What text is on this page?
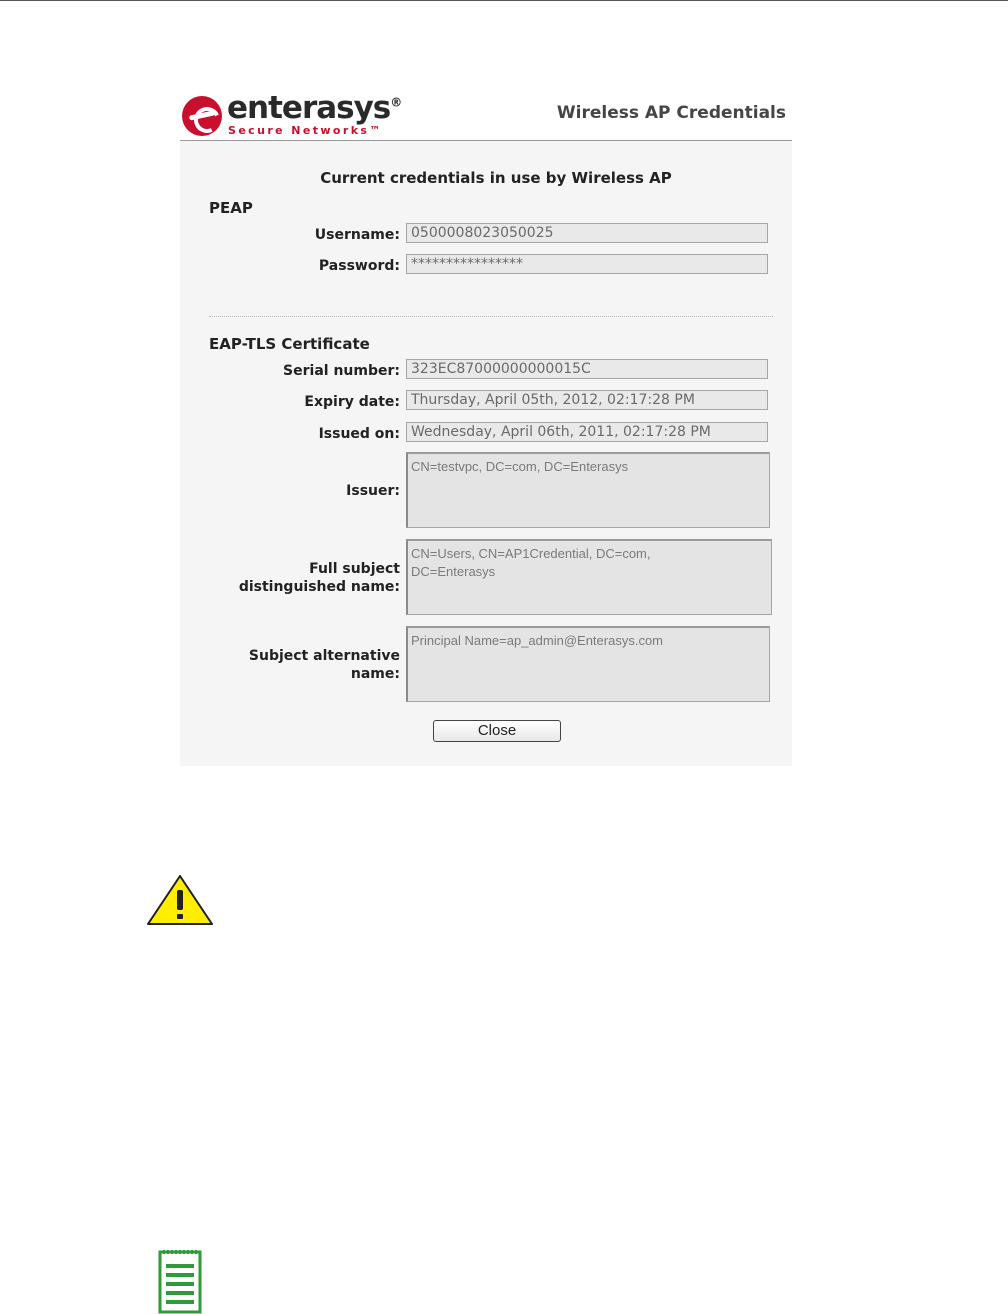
enterasys®
Secure Networks™
Wireless AP Credentials
Current credentials in use by Wireless AP
PEAP
Username: 0500008023050025
Password: ****************
EAP-TLS Certificate
Serial number: 323EC87000000000015C
Expiry date: Thursday, April 05th, 2012, 02:17:28 PM
Issued on: Wednesday, April 06th, 2011, 02:17:28 PM
Issuer:
CN=testvpc, DC=com, DC=Enterasys
Full subject
distinguished name:
CN=Users, CN=AP1Credential, DC=com, DC=Enterasys
Subject alternative
name:
Principal Name=ap_admin@Enterasys.com
Close
